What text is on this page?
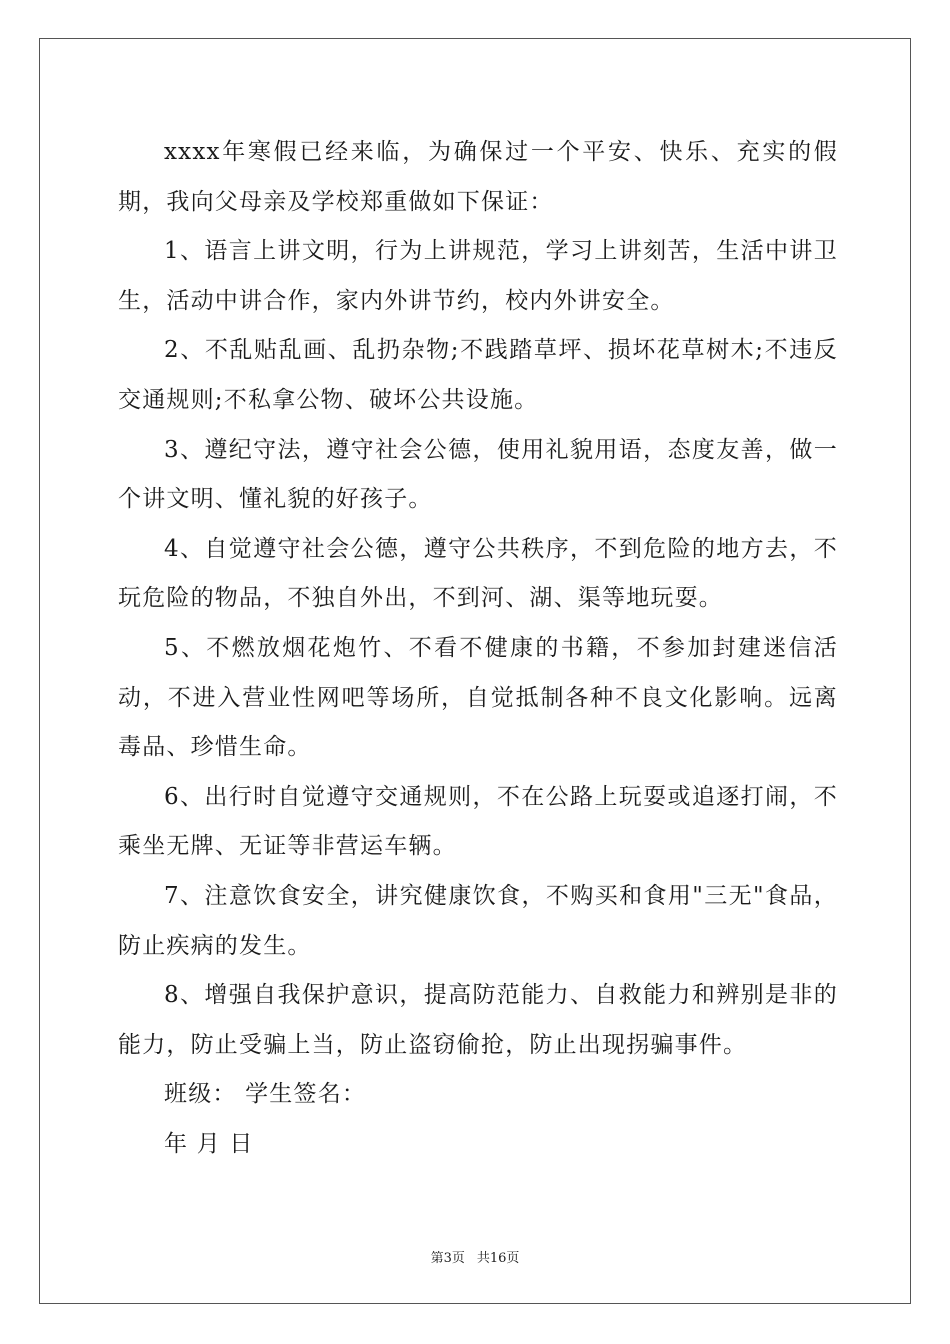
xxxx年寒假已经来临，为确保过一个平安、快乐、充实的假期，我向父母亲及学校郑重做如下保证：

1、语言上讲文明，行为上讲规范，学习上讲刻苦，生活中讲卫生，活动中讲合作，家内外讲节约，校内外讲安全。

2、不乱贴乱画、乱扔杂物;不践踏草坪、损坏花草树木;不违反交通规则;不私拿公物、破坏公共设施。

3、遵纪守法，遵守社会公德，使用礼貌用语，态度友善，做一个讲文明、懂礼貌的好孩子。

4、自觉遵守社会公德，遵守公共秩序，不到危险的地方去，不玩危险的物品，不独自外出，不到河、湖、渠等地玩耍。

5、不燃放烟花炮竹、不看不健康的书籍，不参加封建迷信活动，不进入营业性网吧等场所，自觉抵制各种不良文化影响。远离毒品、珍惜生命。

6、出行时自觉遵守交通规则，不在公路上玩耍或追逐打闹，不乘坐无牌、无证等非营运车辆。

7、注意饮食安全，讲究健康饮食，不购买和食用"三无"食品，防止疾病的发生。

8、增强自我保护意识，提高防范能力、自救能力和辨别是非的能力，防止受骗上当，防止盗窃偷抢，防止出现拐骗事件。

班级： 学生签名：

年 月 日

第3页 共16页
